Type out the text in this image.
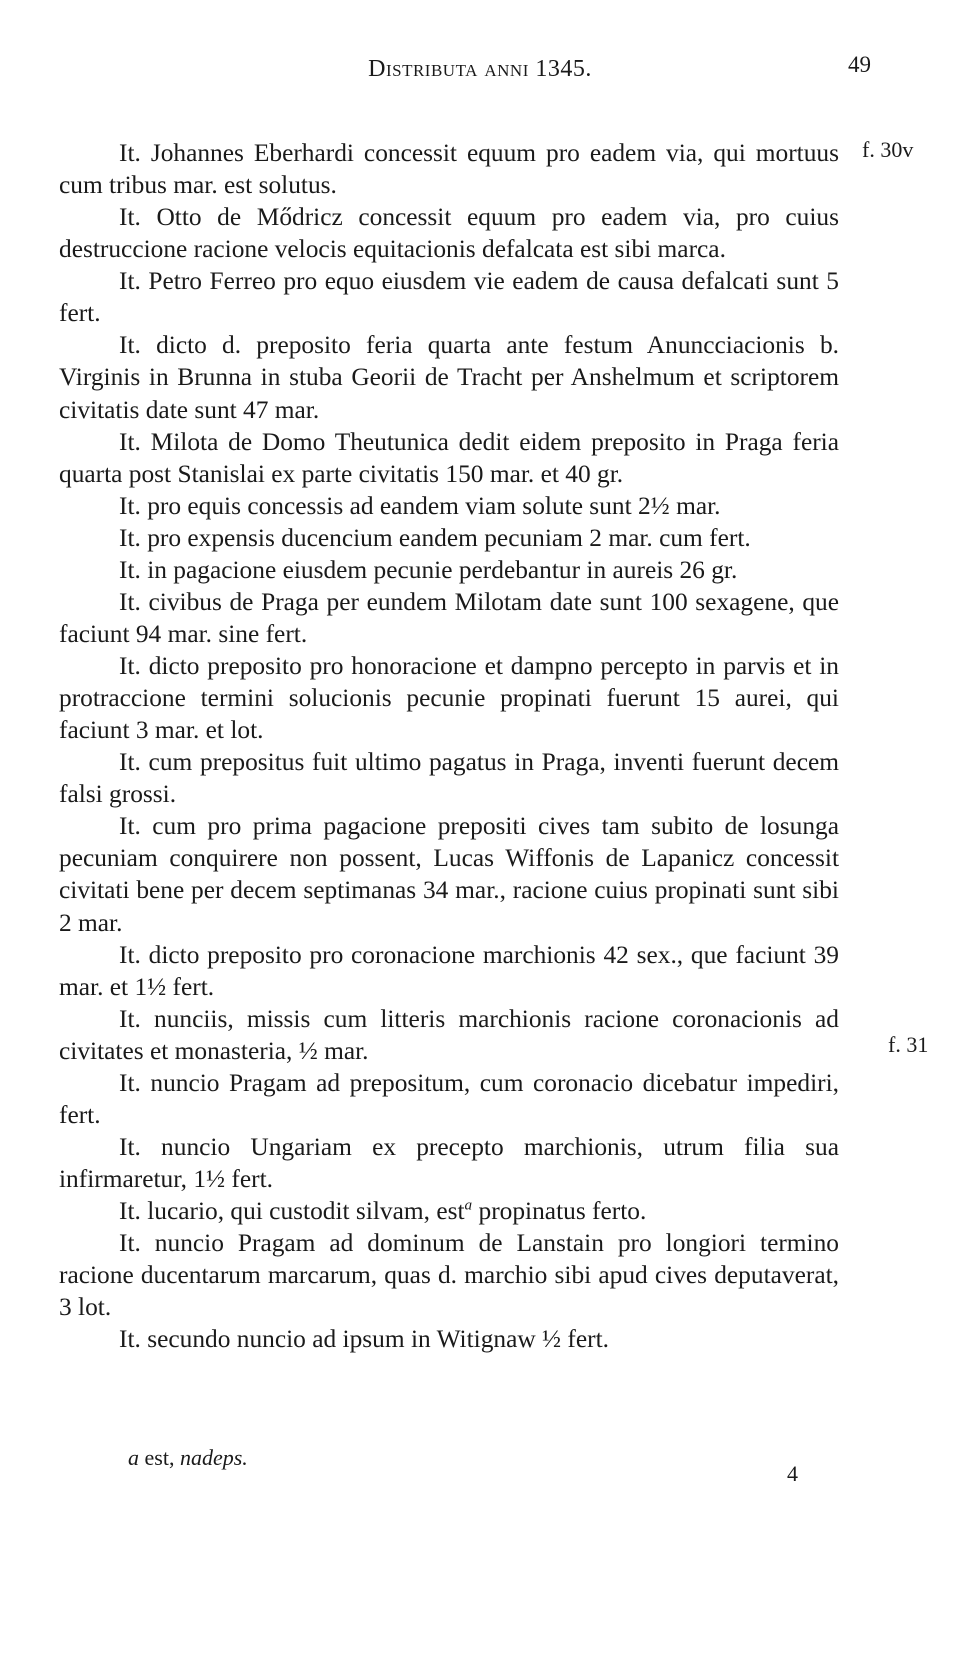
Distributa anni 1345.	49
f. 30v
f. 31

It. Johannes Eberhardi concessit equum pro eadem via, qui mortuus cum tribus mar. est solutus.

It. Otto de Mődricz concessit equum pro eadem via, pro cuius destruccione racione velocis equitacionis defalcata est sibi marca.

It. Petro Ferreo pro equo eiusdem vie eadem de causa defalcati sunt 5 fert.

It. dicto d. preposito feria quarta ante festum Anuncciacionis b. Virginis in Brunna in stuba Georii de Tracht per Anshelmum et scriptorem civitatis date sunt 47 mar.

It. Milota de Domo Theutunica dedit eidem preposito in Praga feria quarta post Stanislai ex parte civitatis 150 mar. et 40 gr.

It. pro equis concessis ad eandem viam solute sunt 2½ mar.

It. pro expensis ducencium eandem pecuniam 2 mar. cum fert.

It. in pagacione eiusdem pecunie perdebantur in aureis 26 gr.

It. civibus de Praga per eundem Milotam date sunt 100 sexagene, que faciunt 94 mar. sine fert.

It. dicto preposito pro honoracione et dampno percepto in parvis et in protraccione termini solucionis pecunie propinati fuerunt 15 aurei, qui faciunt 3 mar. et lot.

It. cum prepositus fuit ultimo pagatus in Praga, inventi fuerunt decem falsi grossi.

It. cum pro prima pagacione prepositi cives tam subito de losunga pecuniam conquirere non possent, Lucas Wiffonis de Lapanicz concessit civitati bene per decem septimanas 34 mar., racione cuius propinati sunt sibi 2 mar.

It. dicto preposito pro coronacione marchionis 42 sex., que faciunt 39 mar. et 1½ fert.

It. nunciis, missis cum litteris marchionis racione coronacionis ad civitates et monasteria, ½ mar.

It. nuncio Pragam ad prepositum, cum coronacio dicebatur impediri, fert.

It. nuncio Ungariam ex precepto marchionis, utrum filia sua infirmaretur, 1½ fert.

It. lucario, qui custodit silvam, est$^a$ propinatus ferto.

It. nuncio Pragam ad dominum de Lanstain pro longiori termino racione ducentarum marcarum, quas d. marchio sibi apud cives deputaverat, 3 lot.

It. secundo nuncio ad ipsum in Witignaw ½ fert.

a est, nadeps.
4
